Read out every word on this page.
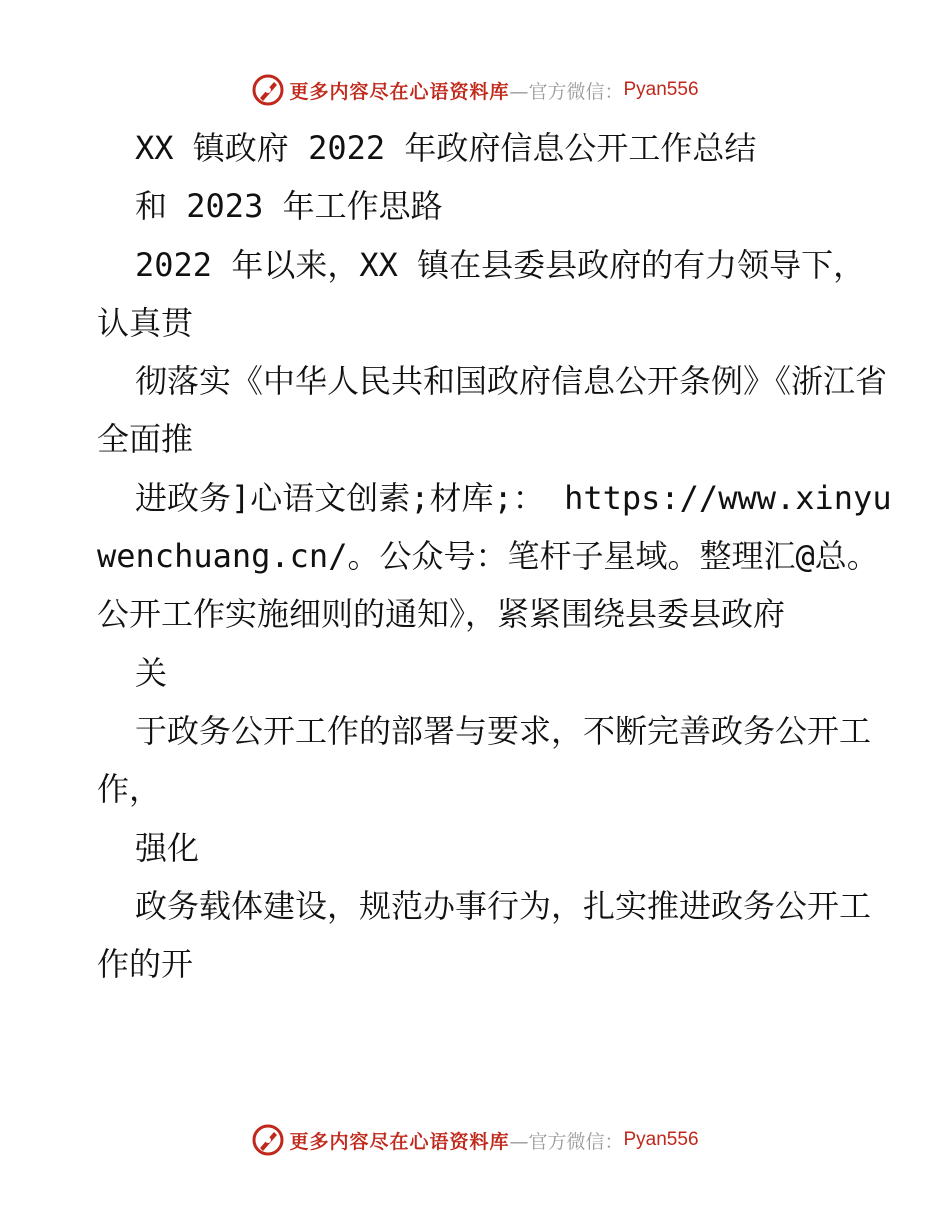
更多内容尽在心语资料库 —官方微信： Pyan556

XX 镇政府 2022 年政府信息公开工作总结

和 2023 年工作思路

2022 年以来，XX 镇在县委县政府的有力领导下，认真贯

彻落实《中华人民共和国政府信息公开条例》《浙江省全面推

进政务]心语文创素;材库;： https://www.xinyuwenchuang.cn/。公众号：笔杆子星域。整理汇@总。公开工作实施细则的通知》，紧紧围绕县委县政府

关

于政务公开工作的部署与要求，不断完善政务公开工作，

强化

政务载体建设，规范办事行为，扎实推进政务公开工作的开

更多内容尽在心语资料库 —官方微信： Pyan556
